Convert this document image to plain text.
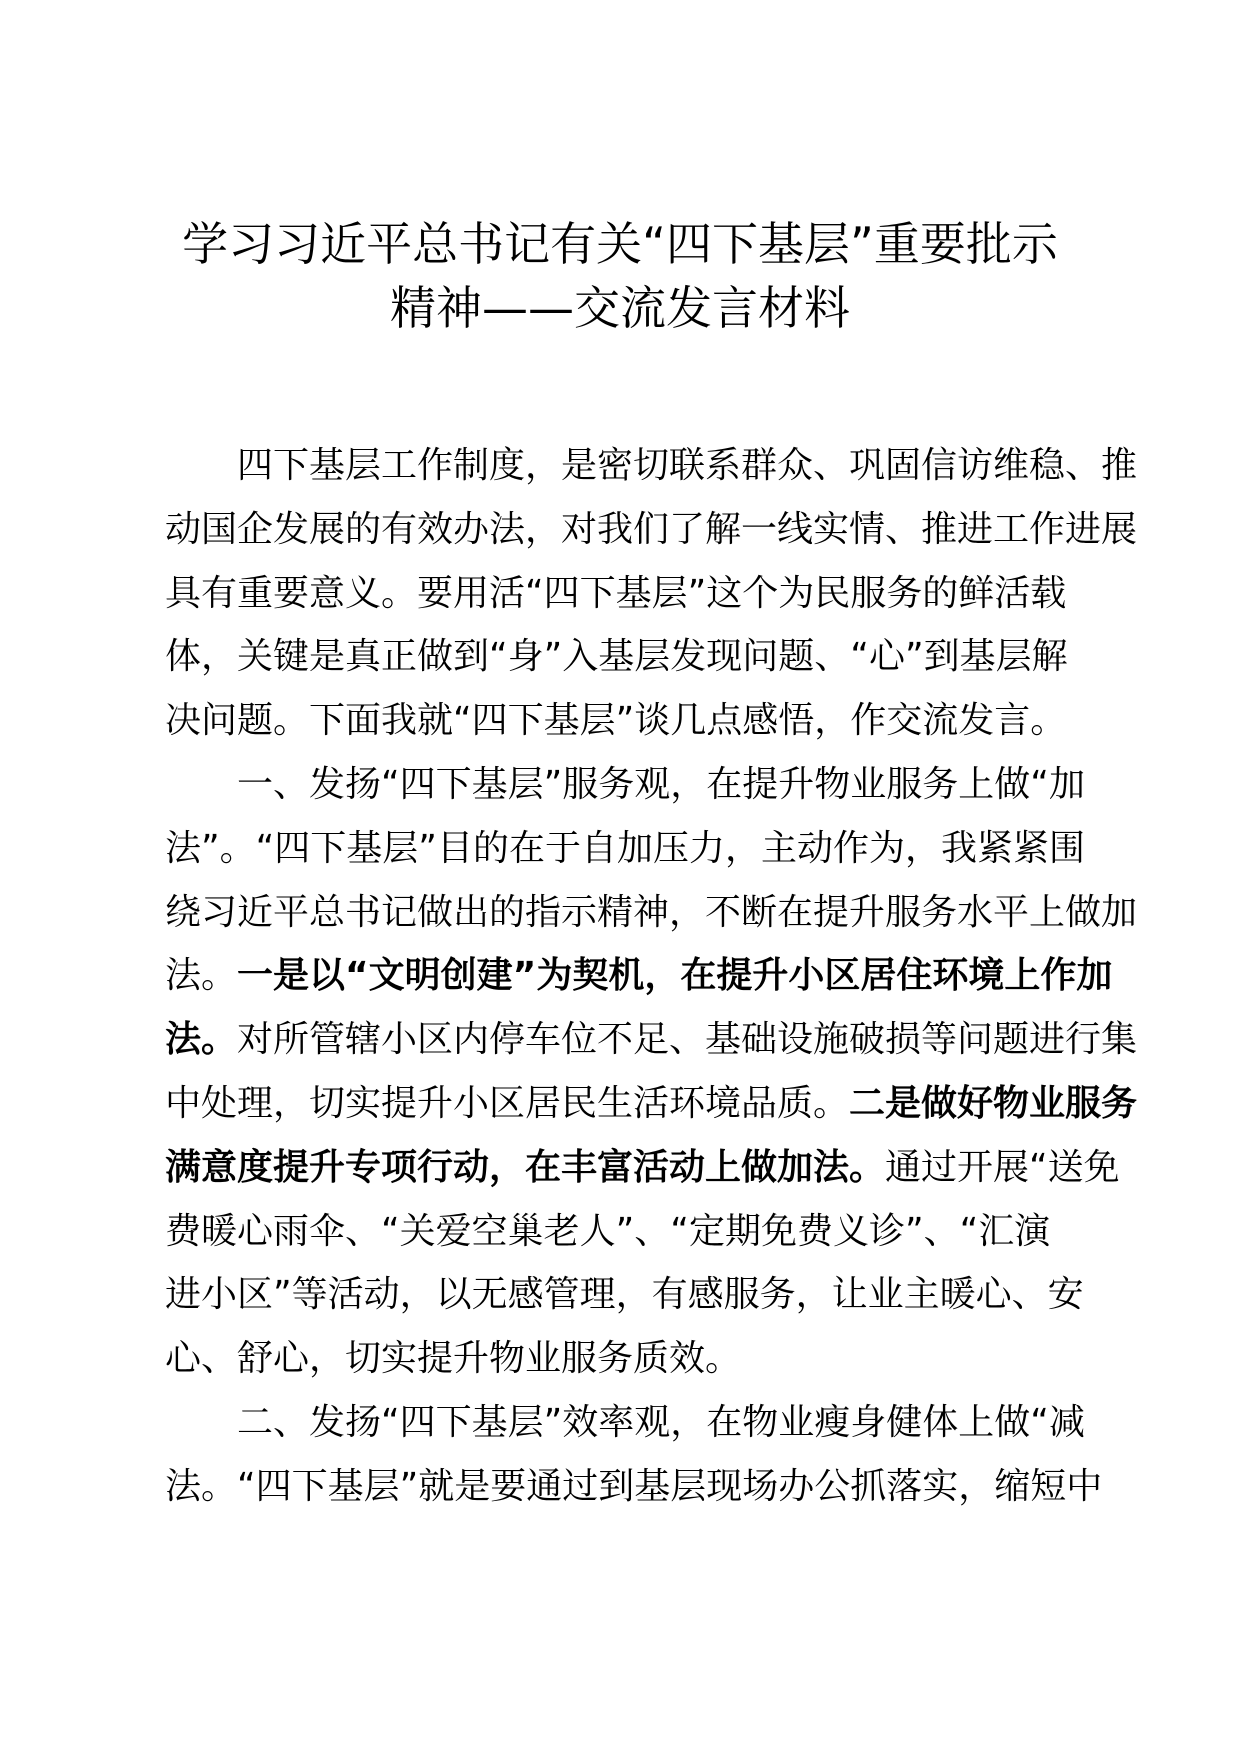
学习习近平总书记有关“四下基层”重要批示
精神——交流发言材料
四下基层工作制度，是密切联系群众、巩固信访维稳、推
动国企发展的有效办法，对我们了解一线实情、推进工作进展
具有重要意义。要用活“四下基层”这个为民服务的鲜活载
体，关键是真正做到“身”入基层发现问题、“心”到基层解
决问题。下面我就“四下基层”谈几点感悟，作交流发言。
一、发扬“四下基层”服务观，在提升物业服务上做“加
法”。“四下基层”目的在于自加压力，主动作为，我紧紧围
绕习近平总书记做出的指示精神，不断在提升服务水平上做加
法。一是以“文明创建”为契机，在提升小区居住环境上作加
法。对所管辖小区内停车位不足、基础设施破损等问题进行集
中处理，切实提升小区居民生活环境品质。二是做好物业服务
满意度提升专项行动，在丰富活动上做加法。通过开展“送免
费暖心雨伞、“关爱空巢老人”、“定期免费义诊”、“汇演
进小区”等活动，以无感管理，有感服务，让业主暖心、安
心、舒心，切实提升物业服务质效。
二、发扬“四下基层”效率观，在物业瘦身健体上做“减
法。“四下基层”就是要通过到基层现场办公抓落实，缩短中
